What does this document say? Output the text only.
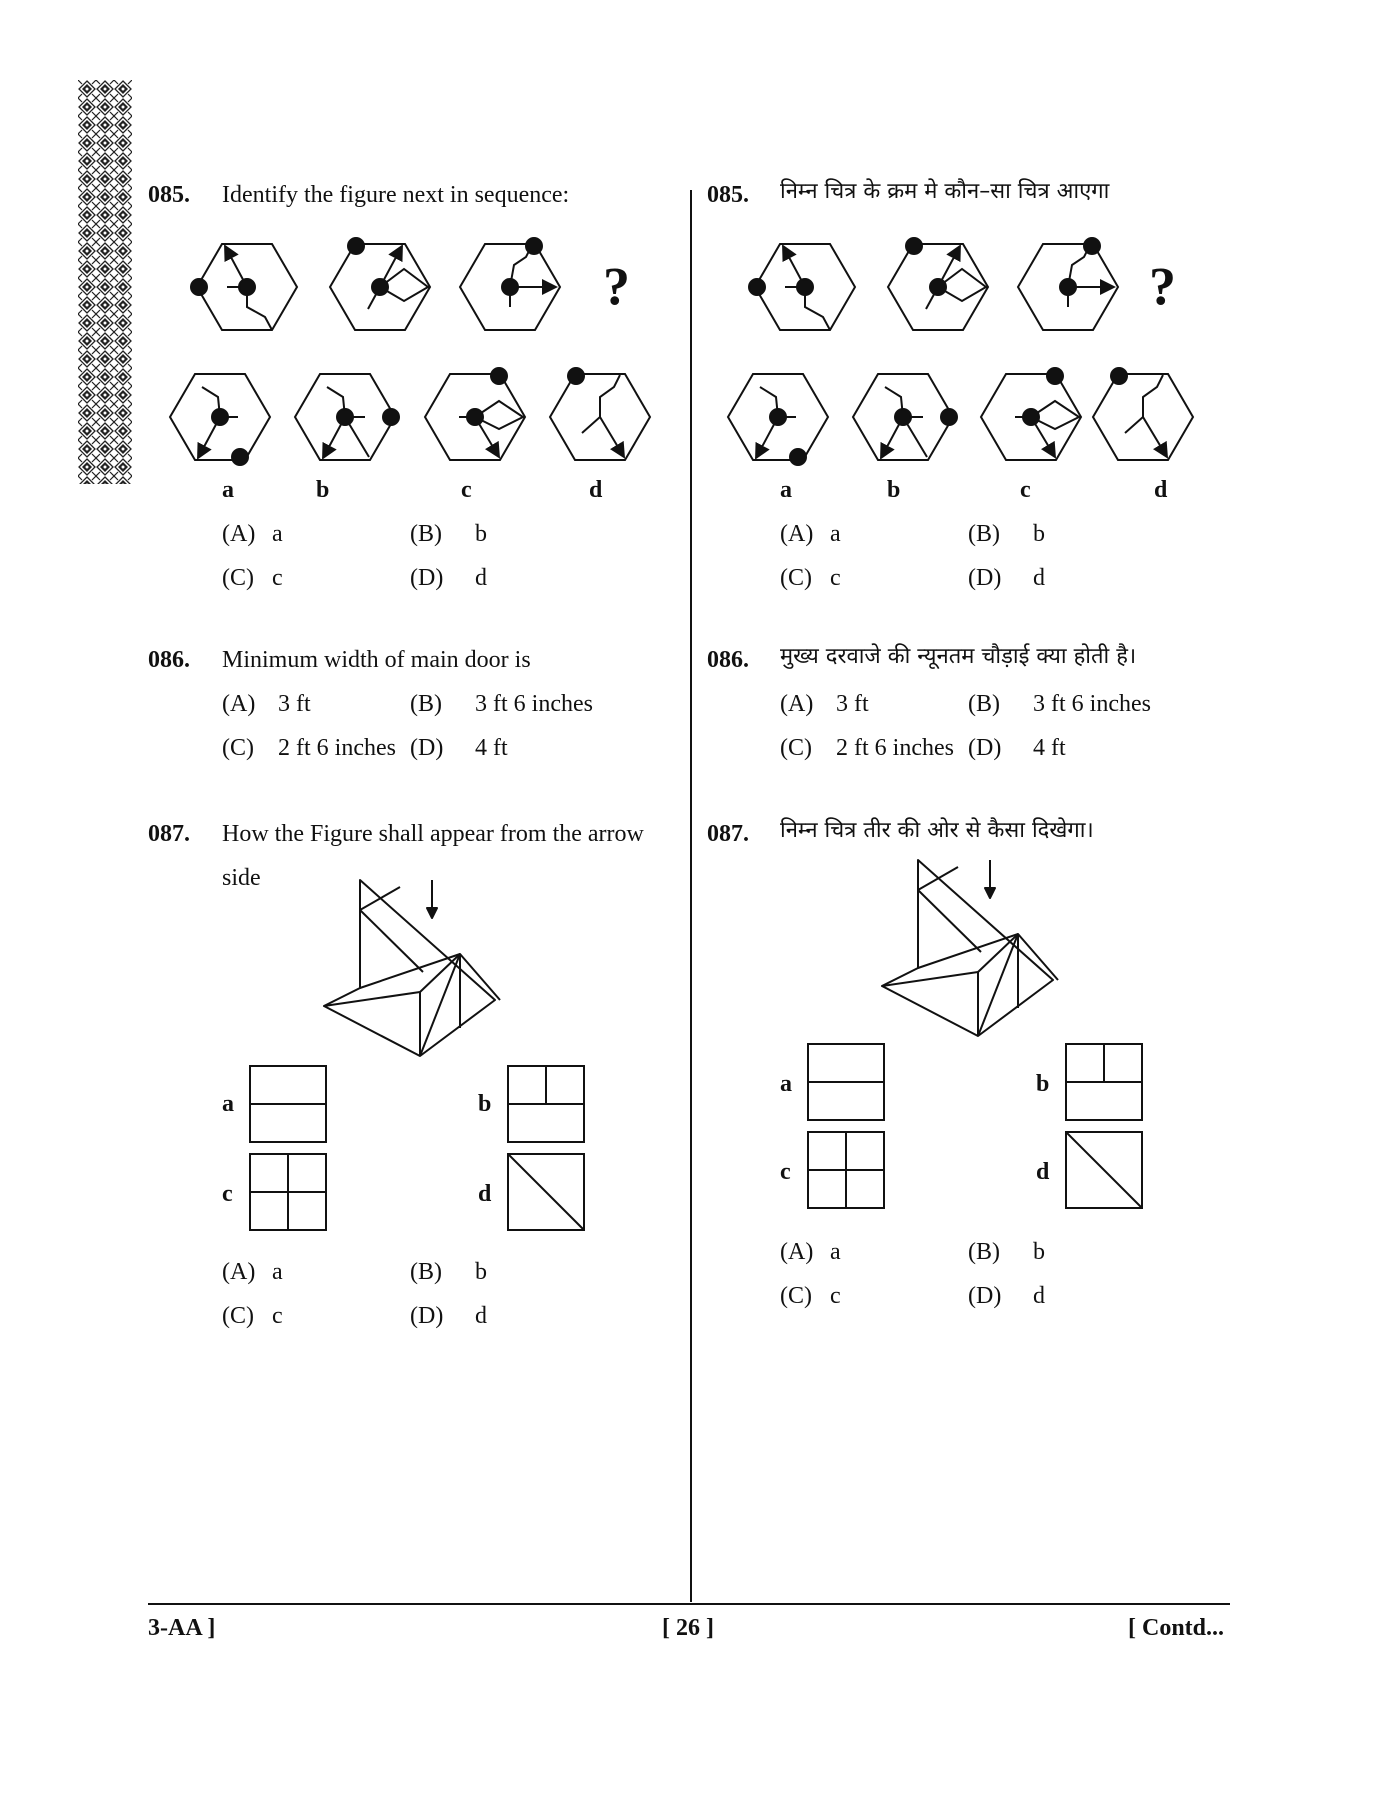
085. Identify the figure next in sequence:
?
a	b	c	d
(A) a	(B) b
(C) c	(D) d
086. Minimum width of main door is
(A) 3 ft	(B) 3 ft 6 inches
(C) 2 ft 6 inches (D) 4 ft
087. How the Figure shall appear from the arrow
side
a	b
c	d
(A) a	(B) b
(C) c	(D) d
085. निम्न चित्र के क्रम मे कौन–सा चित्र आएगा
?
a	b	c	d
(A) a	(B) b
(C) c	(D) d
086. मुख्य दरवाजे की न्यूनतम चौड़ाई क्या होती है।
(A) 3 ft	(B) 3 ft 6 inches
(C) 2 ft 6 inches (D) 4 ft
087. निम्न चित्र तीर की ओर से कैसा दिखेगा।
a	b
c	d
(A) a	(B) b
(C) c	(D) d
3-AA ]	[ 26 ]	[ Contd...
